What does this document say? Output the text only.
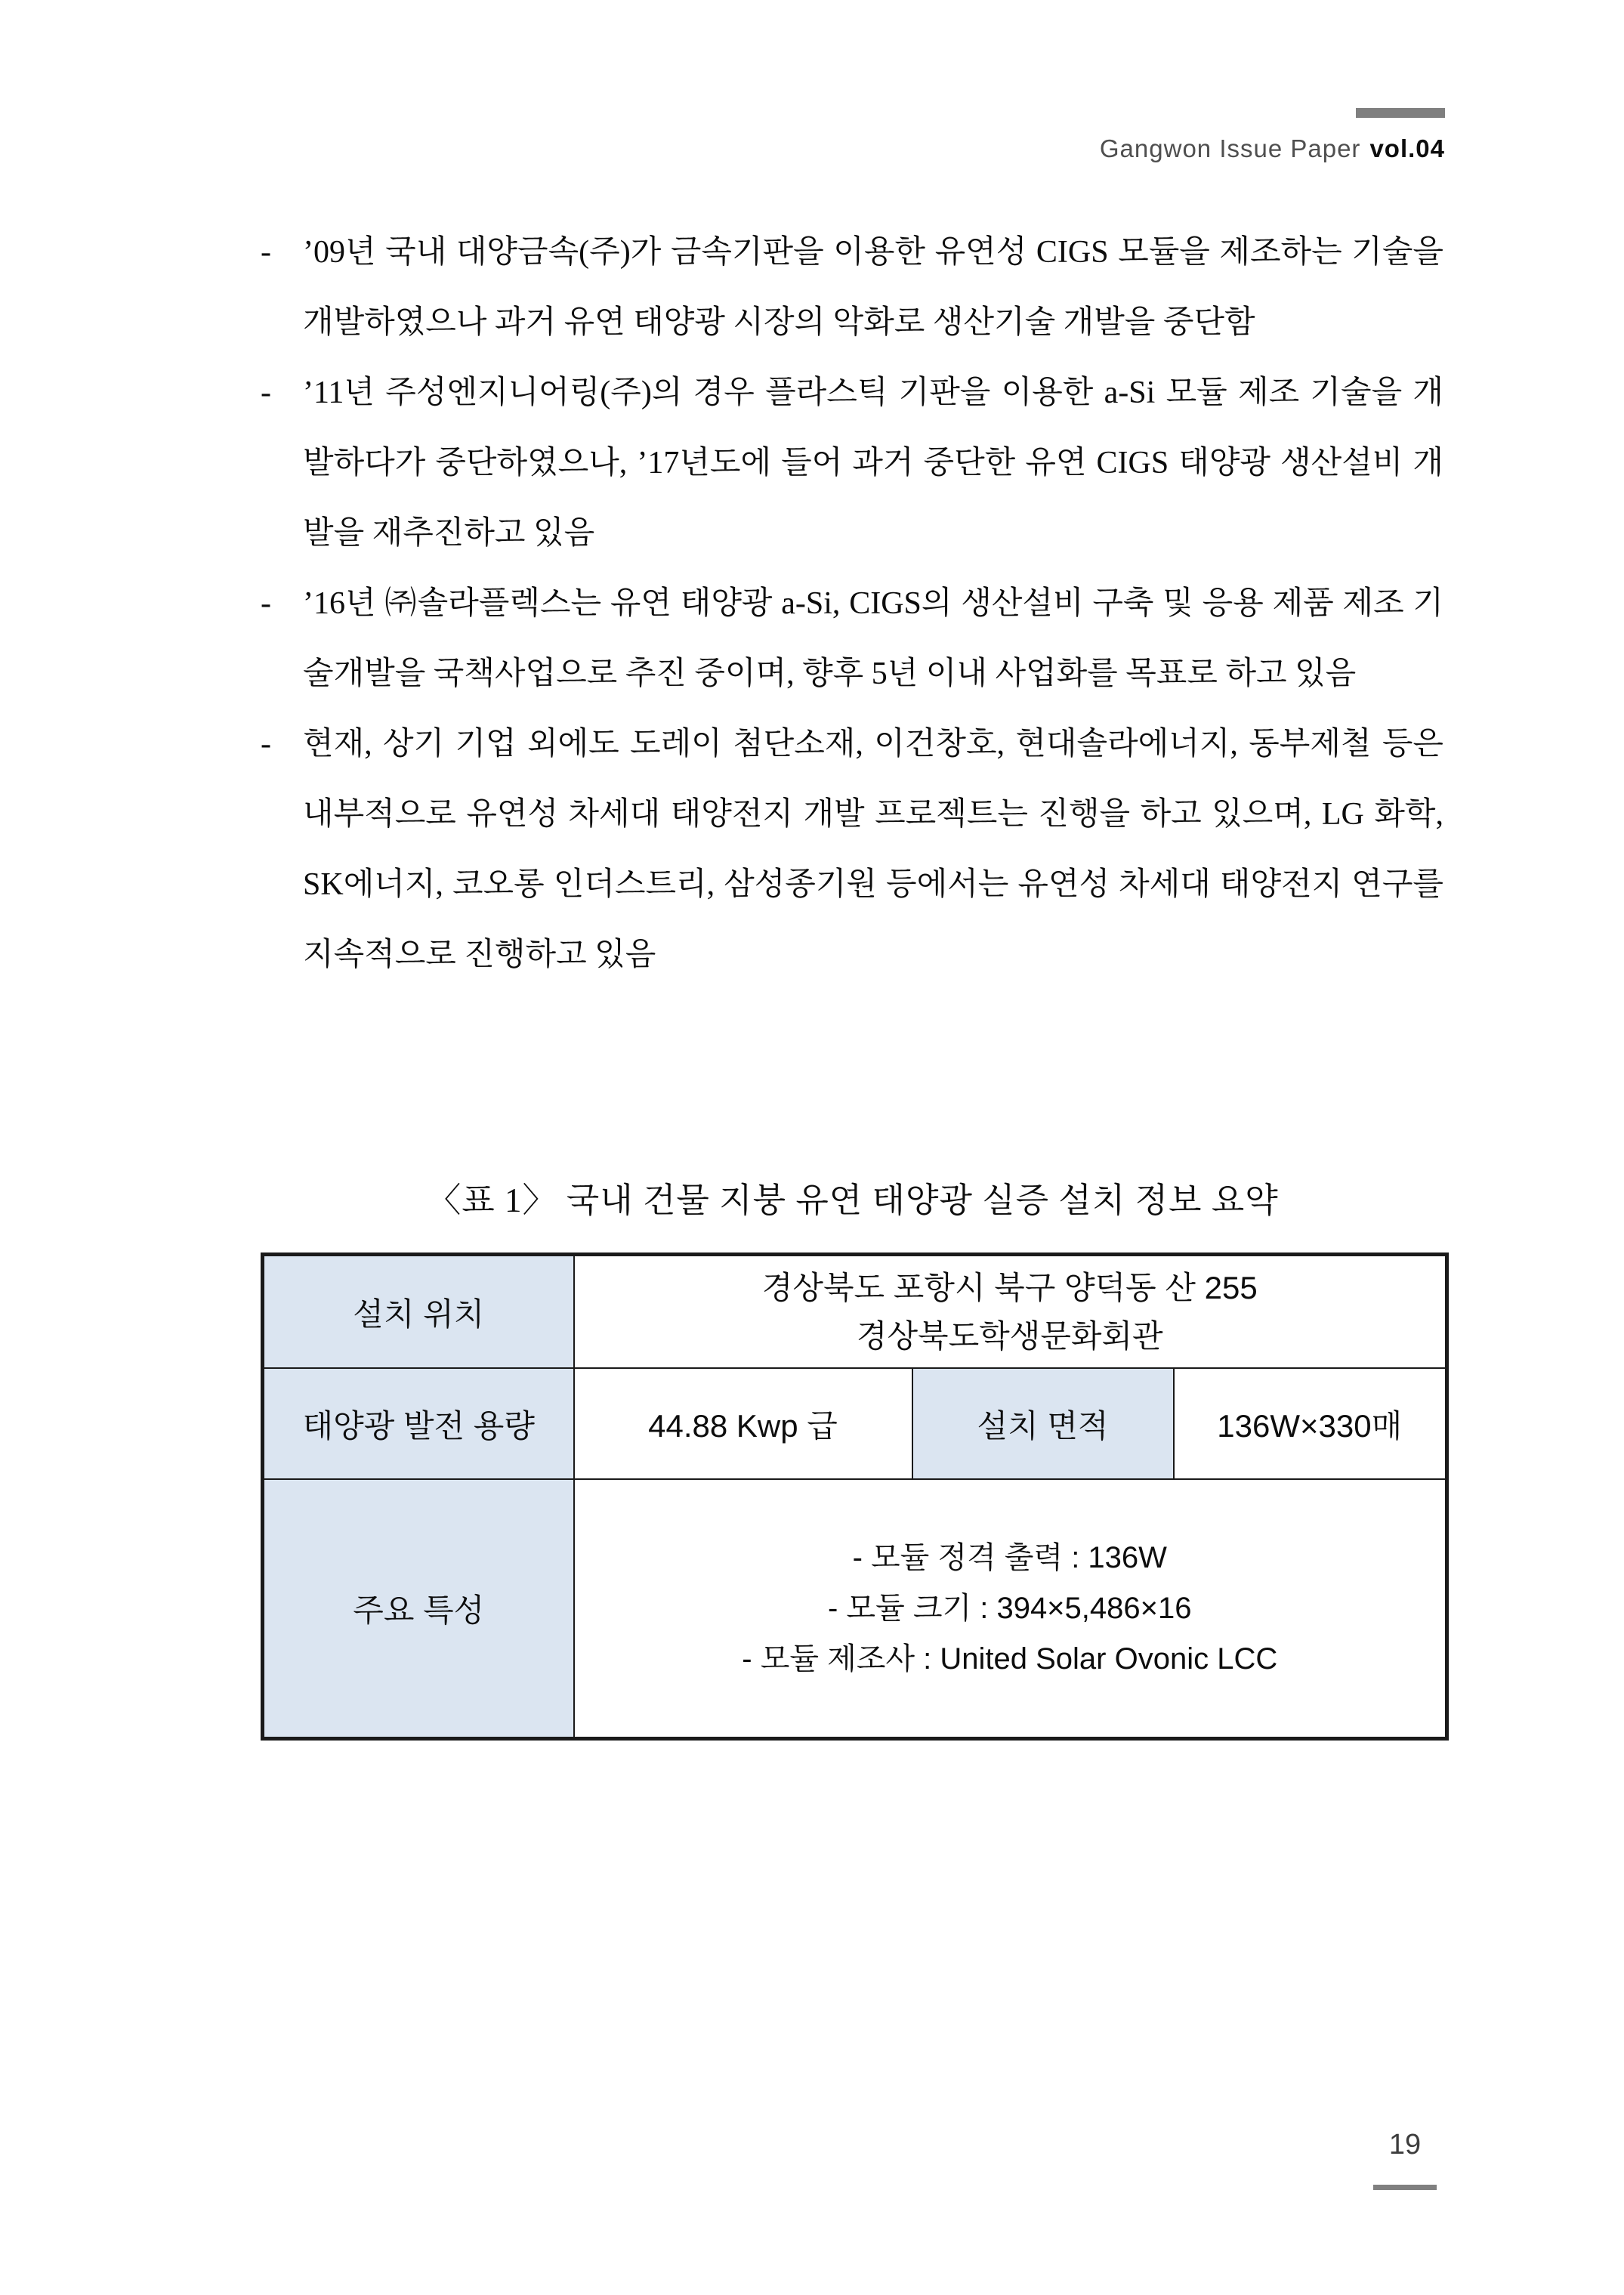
Gangwon Issue Paper vol.04

- ’09년 국내 대양금속(주)가 금속기판을 이용한 유연성 CIGS 모듈을 제조하는 기술을 개발하였으나 과거 유연 태양광 시장의 악화로 생산기술 개발을 중단함

- ’11년 주성엔지니어링(주)의 경우 플라스틱 기판을 이용한 a-Si 모듈 제조 기술을 개발하다가 중단하였으나, ’17년도에 들어 과거 중단한 유연 CIGS 태양광 생산설비 개발을 재추진하고 있음

- ’16년 ㈜솔라플렉스는 유연 태양광 a-Si, CIGS의 생산설비 구축 및 응용 제품 제조 기술개발을 국책사업으로 추진 중이며, 향후 5년 이내 사업화를 목표로 하고 있음

- 현재, 상기 기업 외에도 도레이 첨단소재, 이건창호, 현대솔라에너지, 동부제철 등은 내부적으로 유연성 차세대 태양전지 개발 프로젝트는 진행을 하고 있으며, LG 화학, SK에너지, 코오롱 인더스트리, 삼성종기원 등에서는 유연성 차세대 태양전지 연구를 지속적으로 진행하고 있음

〈표 1〉 국내 건물 지붕 유연 태양광 실증 설치 정보 요약
설치 위치	경상북도 포항시 북구 양덕동 산 255
경상북도학생문화회관		

태양광 발전 용량	44.88 Kwp 급	설치 면적	136W×330매
주요 특성	- 모듈 정격 출력 : 136W
- 모듈 크기 : 394×5,486×16
- 모듈 제조사 : United Solar Ovonic LCC		
19
